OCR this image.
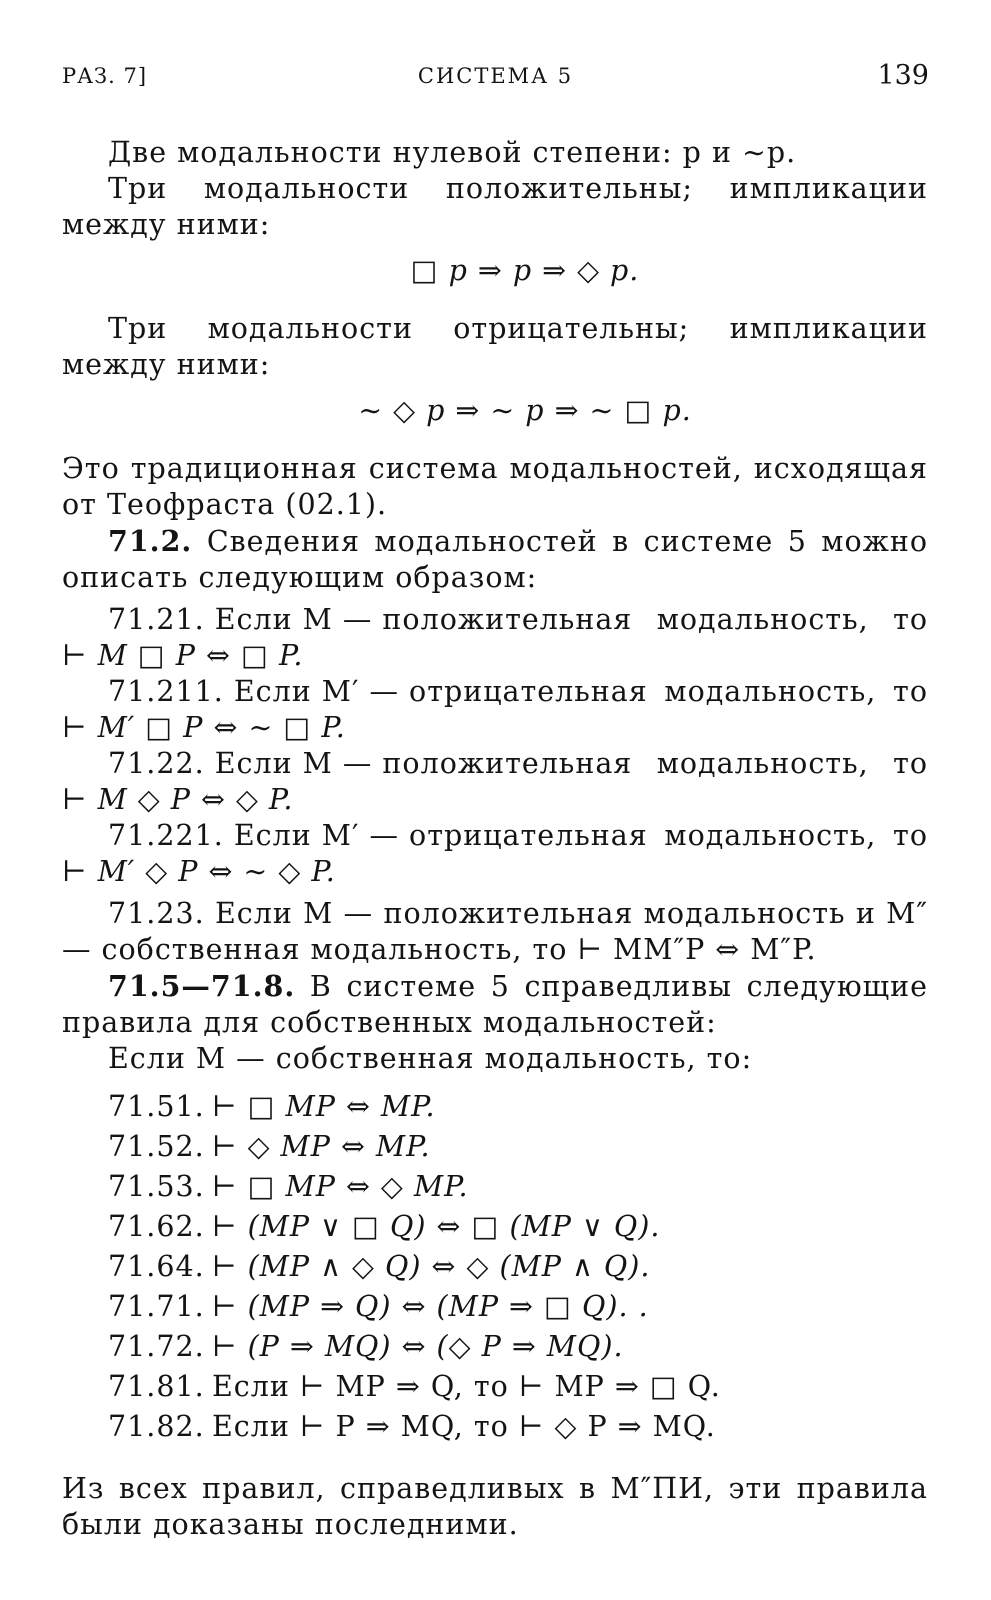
РАЗ. 7]	СИСТЕМА 5	139

Две модальности нулевой степени: p и ∼p.

Три модальности положительны; импликации между ними:

□ p ⇒ p ⇒ ◇ p.

Три модальности отрицательны; импликации между ними:

∼ ◇ p ⇒ ∼ p ⇒ ∼ □ p.

Это традиционная система модальностей, исходящая от Теофраста (02.1).

71.2. Сведения модальностей в системе 5 можно описать следующим образом:

71.21. Если M — положительная модальность, то

⊢ M □ P ⇔ □ P.

71.211. Если M′ — отрицательная модальность, то

⊢ M′ □ P ⇔ ∼ □ P.

71.22. Если M — положительная модальность, то

⊢ M ◇ P ⇔ ◇ P.

71.221. Если M′ — отрицательная модальность, то

⊢ M′ ◇ P ⇔ ∼ ◇ P.

71.23. Если M — положительная модальность и M″ — собственная модальность, то ⊢ MM″P ⇔ M″P.

71.5—71.8. В системе 5 справедливы следующие правила для собственных модальностей:

Если M — собственная модальность, то:

71.51. ⊢ □ MP ⇔ MP.

71.52. ⊢ ◇ MP ⇔ MP.

71.53. ⊢ □ MP ⇔ ◇ MP.

71.62. ⊢ (MP ∨ □ Q) ⇔ □ (MP ∨ Q).

71.64. ⊢ (MP ∧ ◇ Q) ⇔ ◇ (MP ∧ Q).

71.71. ⊢ (MP ⇒ Q) ⇔ (MP ⇒ □ Q). .

71.72. ⊢ (P ⇒ MQ) ⇔ (◇ P ⇒ MQ).

71.81. Если ⊢ MP ⇒ Q, то ⊢ MP ⇒ □ Q.

71.82. Если ⊢ P ⇒ MQ, то ⊢ ◇ P ⇒ MQ.

Из всех правил, справедливых в M″ПИ, эти правила были доказаны последними.
